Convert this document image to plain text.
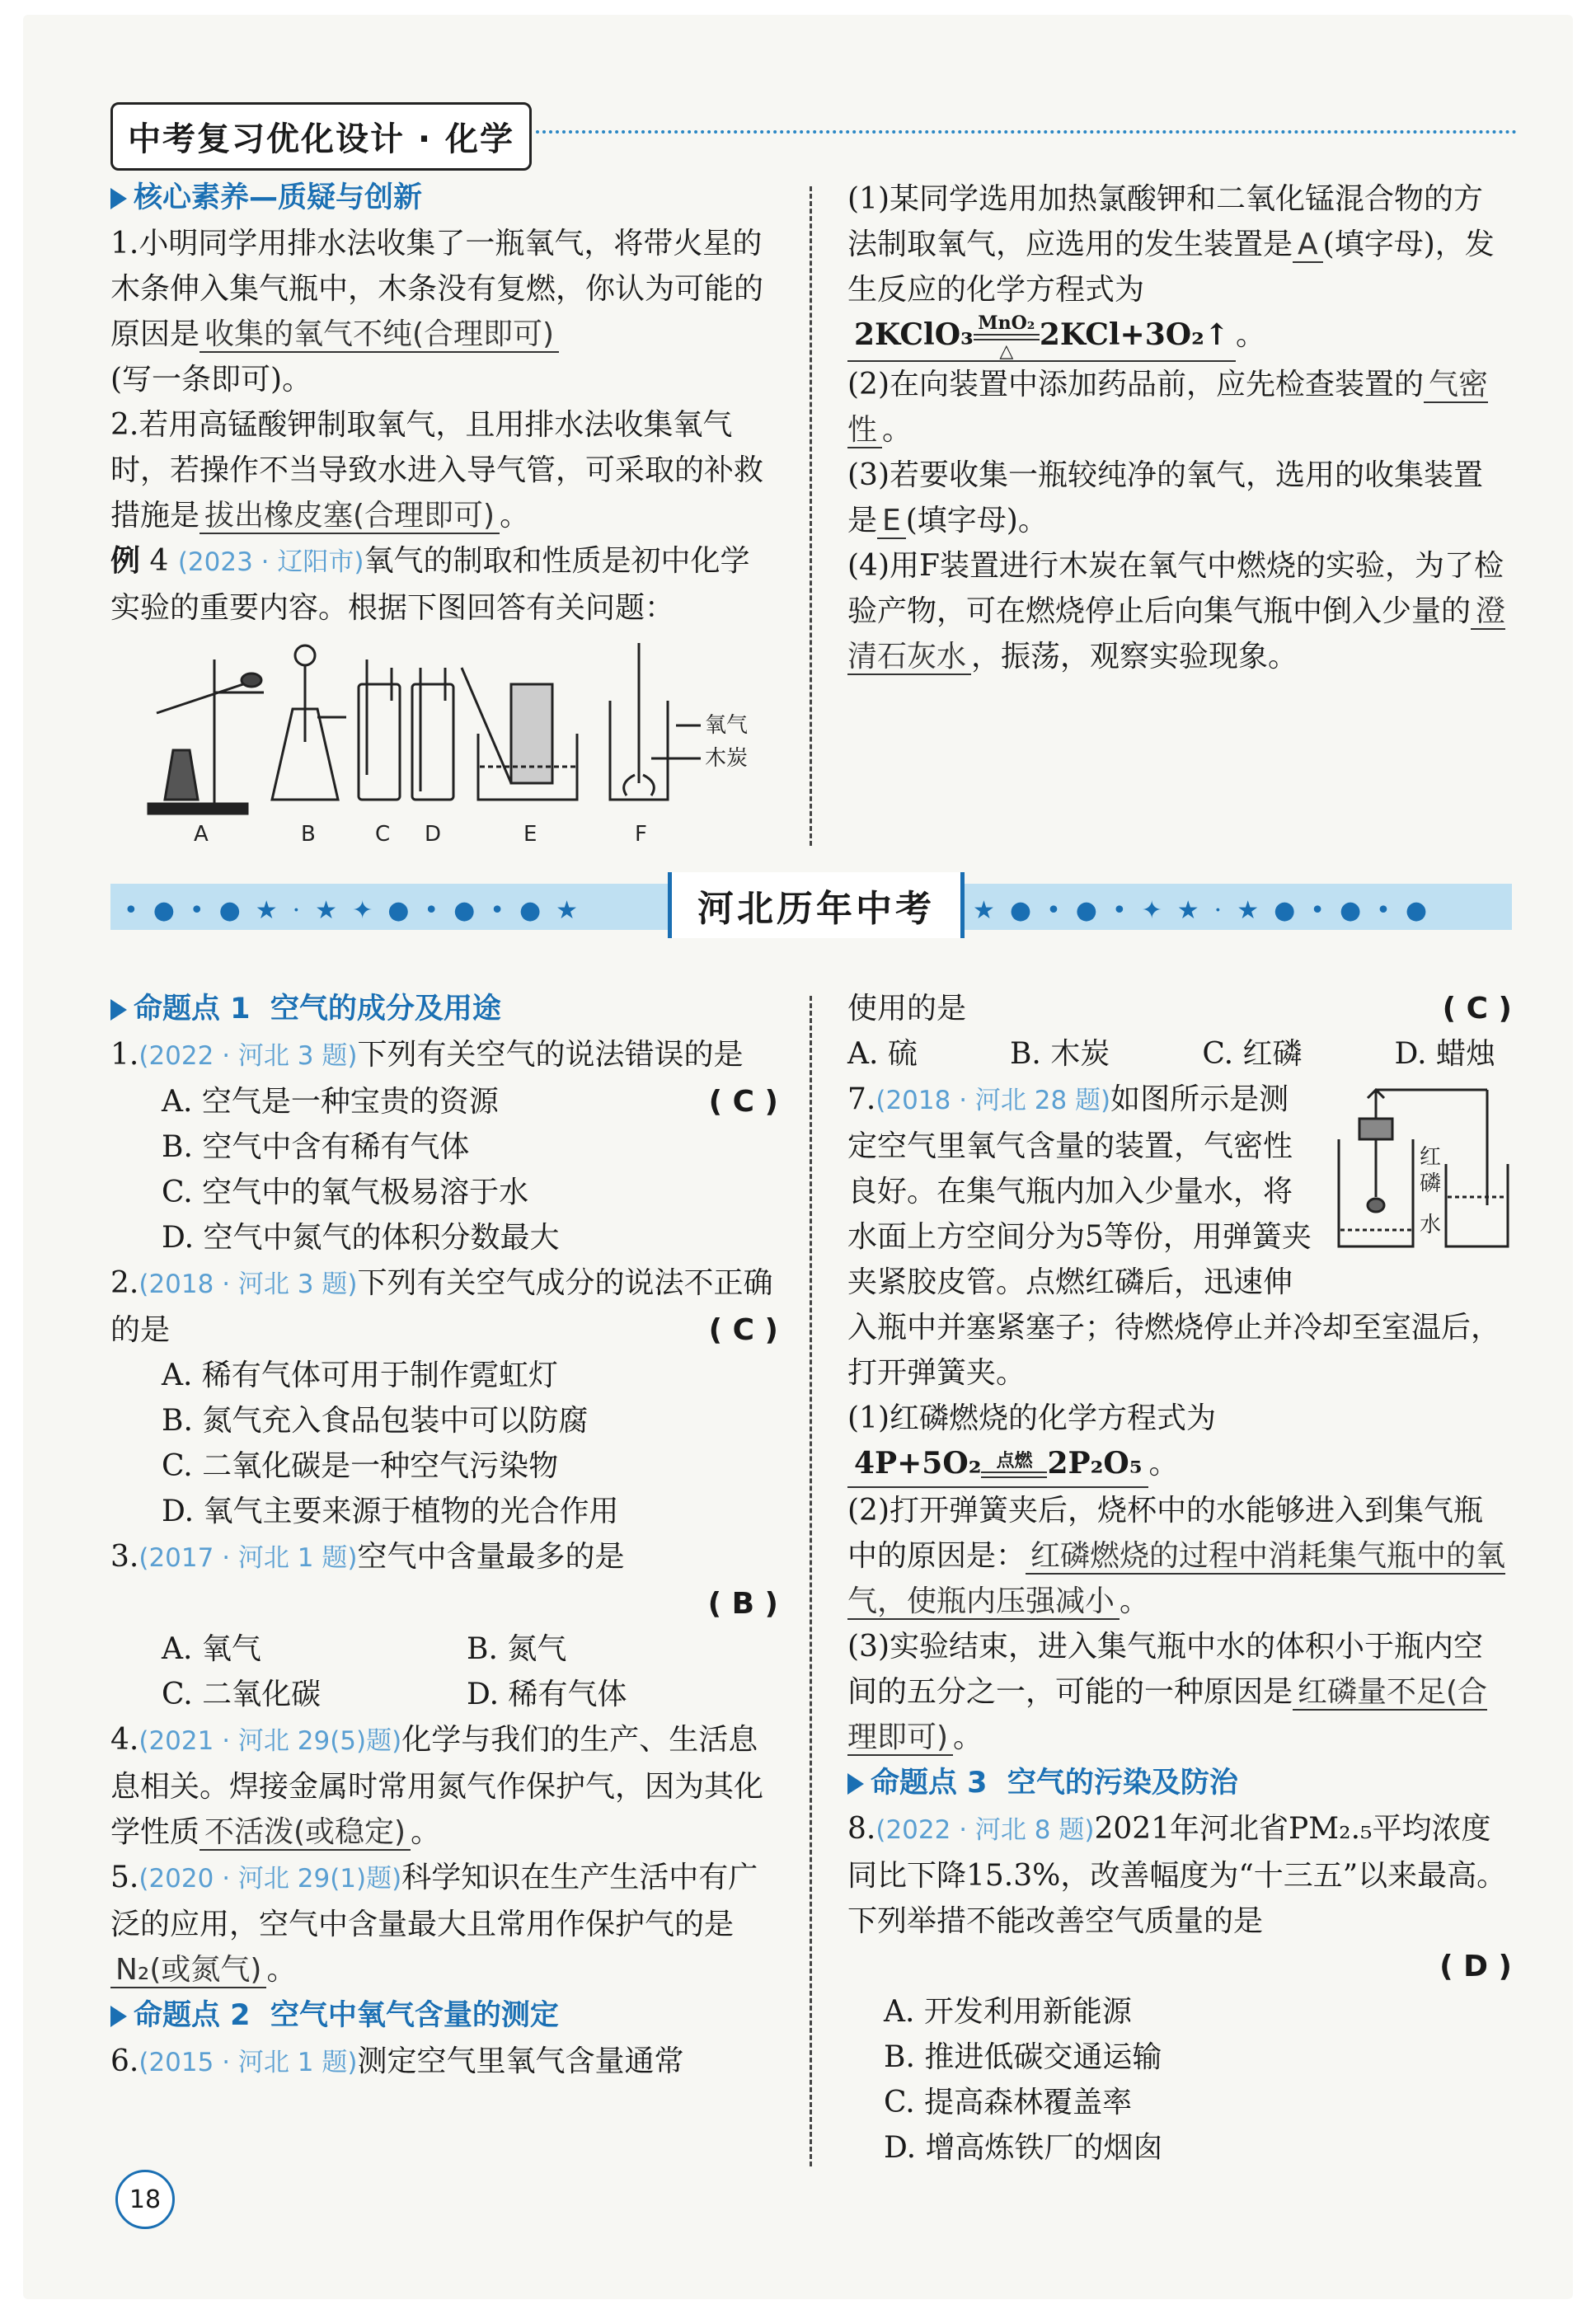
中考复习优化设计 · 化学
核心素养—质疑与创新

1.小明同学用排水法收集了一瓶氧气，将带火星的木条伸入集气瓶中，木条没有复燃，你认为可能的原因是 收集的氧气不纯(合理即可)
(写一条即可)。

2.若用高锰酸钾制取氧气，且用排水法收集氧气时，若操作不当导致水进入导气管，可采取的补救措施是 拔出橡皮塞(合理即可) 。

例 4 (2023 · 辽阳市)氧气的制取和性质是初中化学实验的重要内容。根据下图回答有关问题：

A	B	C D	E	F
氧气
木炭

(1)某同学选用加热氯酸钾和二氧化锰混合物的方法制取氧气，应选用的发生装置是 A (填字母)，发生反应的化学方程式为 2KClO₃ MnO₂
△ 2KCl+3O₂↑ 。

(2)在向装置中添加药品前，应先检查装置的 气密性 。

(3)若要收集一瓶较纯净的氧气，选用的收集装置是 E (填字母)。

(4)用F装置进行木炭在氧气中燃烧的实验，为了检验产物，可在燃烧停止后向集气瓶中倒入少量的 澄清石灰水 ，振荡，观察实验现象。

•●•●★·★✦●•●•●★	★●•●•✦★·★●•●•●
河北历年中考
命题点 1 空气的成分及用途

1.(2022 · 河北 3 题)下列有关空气的说法错误的是
( C )

A. 空气是一种宝贵的资源

B. 空气中含有稀有气体

C. 空气中的氧气极易溶于水

D. 空气中氮气的体积分数最大

2.(2018 · 河北 3 题)下列有关空气成分的说法不正确的是	( C )

A. 稀有气体可用于制作霓虹灯

B. 氮气充入食品包装中可以防腐

C. 二氧化碳是一种空气污染物

D. 氧气主要来源于植物的光合作用

3.(2017 · 河北 1 题)空气中含量最多的是

( B )

A. 氧气	B. 氮气
C. 二氧化碳	D. 稀有气体

4.(2021 · 河北 29(5)题)化学与我们的生产、生活息息相关。焊接金属时常用氮气作保护气，因为其化学性质 不活泼(或稳定) 。

5.(2020 · 河北 29(1)题)科学知识在生产生活中有广泛的应用，空气中含量最大且常用作保护气的是N₂(或氮气) 。

命题点 2 空气中氧气含量的测定

6.(2015 · 河北 1 题)测定空气里氧气含量通常

使用的是	( C )

A. 硫	B. 木炭	C. 红磷	D. 蜡烛
红
磷
水

7.(2018 · 河北 28 题)如图所示是测定空气里氧气含量的装置，气密性良好。在集气瓶内加入少量水，将水面上方空间分为5等份，用弹簧夹夹紧胶皮管。点燃红磷后，迅速伸入瓶中并塞紧塞子；待燃烧停止并冷却至室温后，打开弹簧夹。

(1)红磷燃烧的化学方程式为 4P+5O₂ 点燃 2P₂O₅ 。

(2)打开弹簧夹后，烧杯中的水能够进入到集气瓶中的原因是： 红磷燃烧的过程中消耗集气瓶中的氧气，使瓶内压强减小 。

(3)实验结束，进入集气瓶中水的体积小于瓶内空间的五分之一，可能的一种原因是 红磷量不足(合理即可) 。

命题点 3 空气的污染及防治

8.(2022 · 河北 8 题)2021年河北省PM₂.₅平均浓度同比下降15.3%，改善幅度为“十三五”以来最高。下列举措不能改善空气质量的是

( D )

A. 开发利用新能源

B. 推进低碳交通运输

C. 提高森林覆盖率

D. 增高炼铁厂的烟囱

18
